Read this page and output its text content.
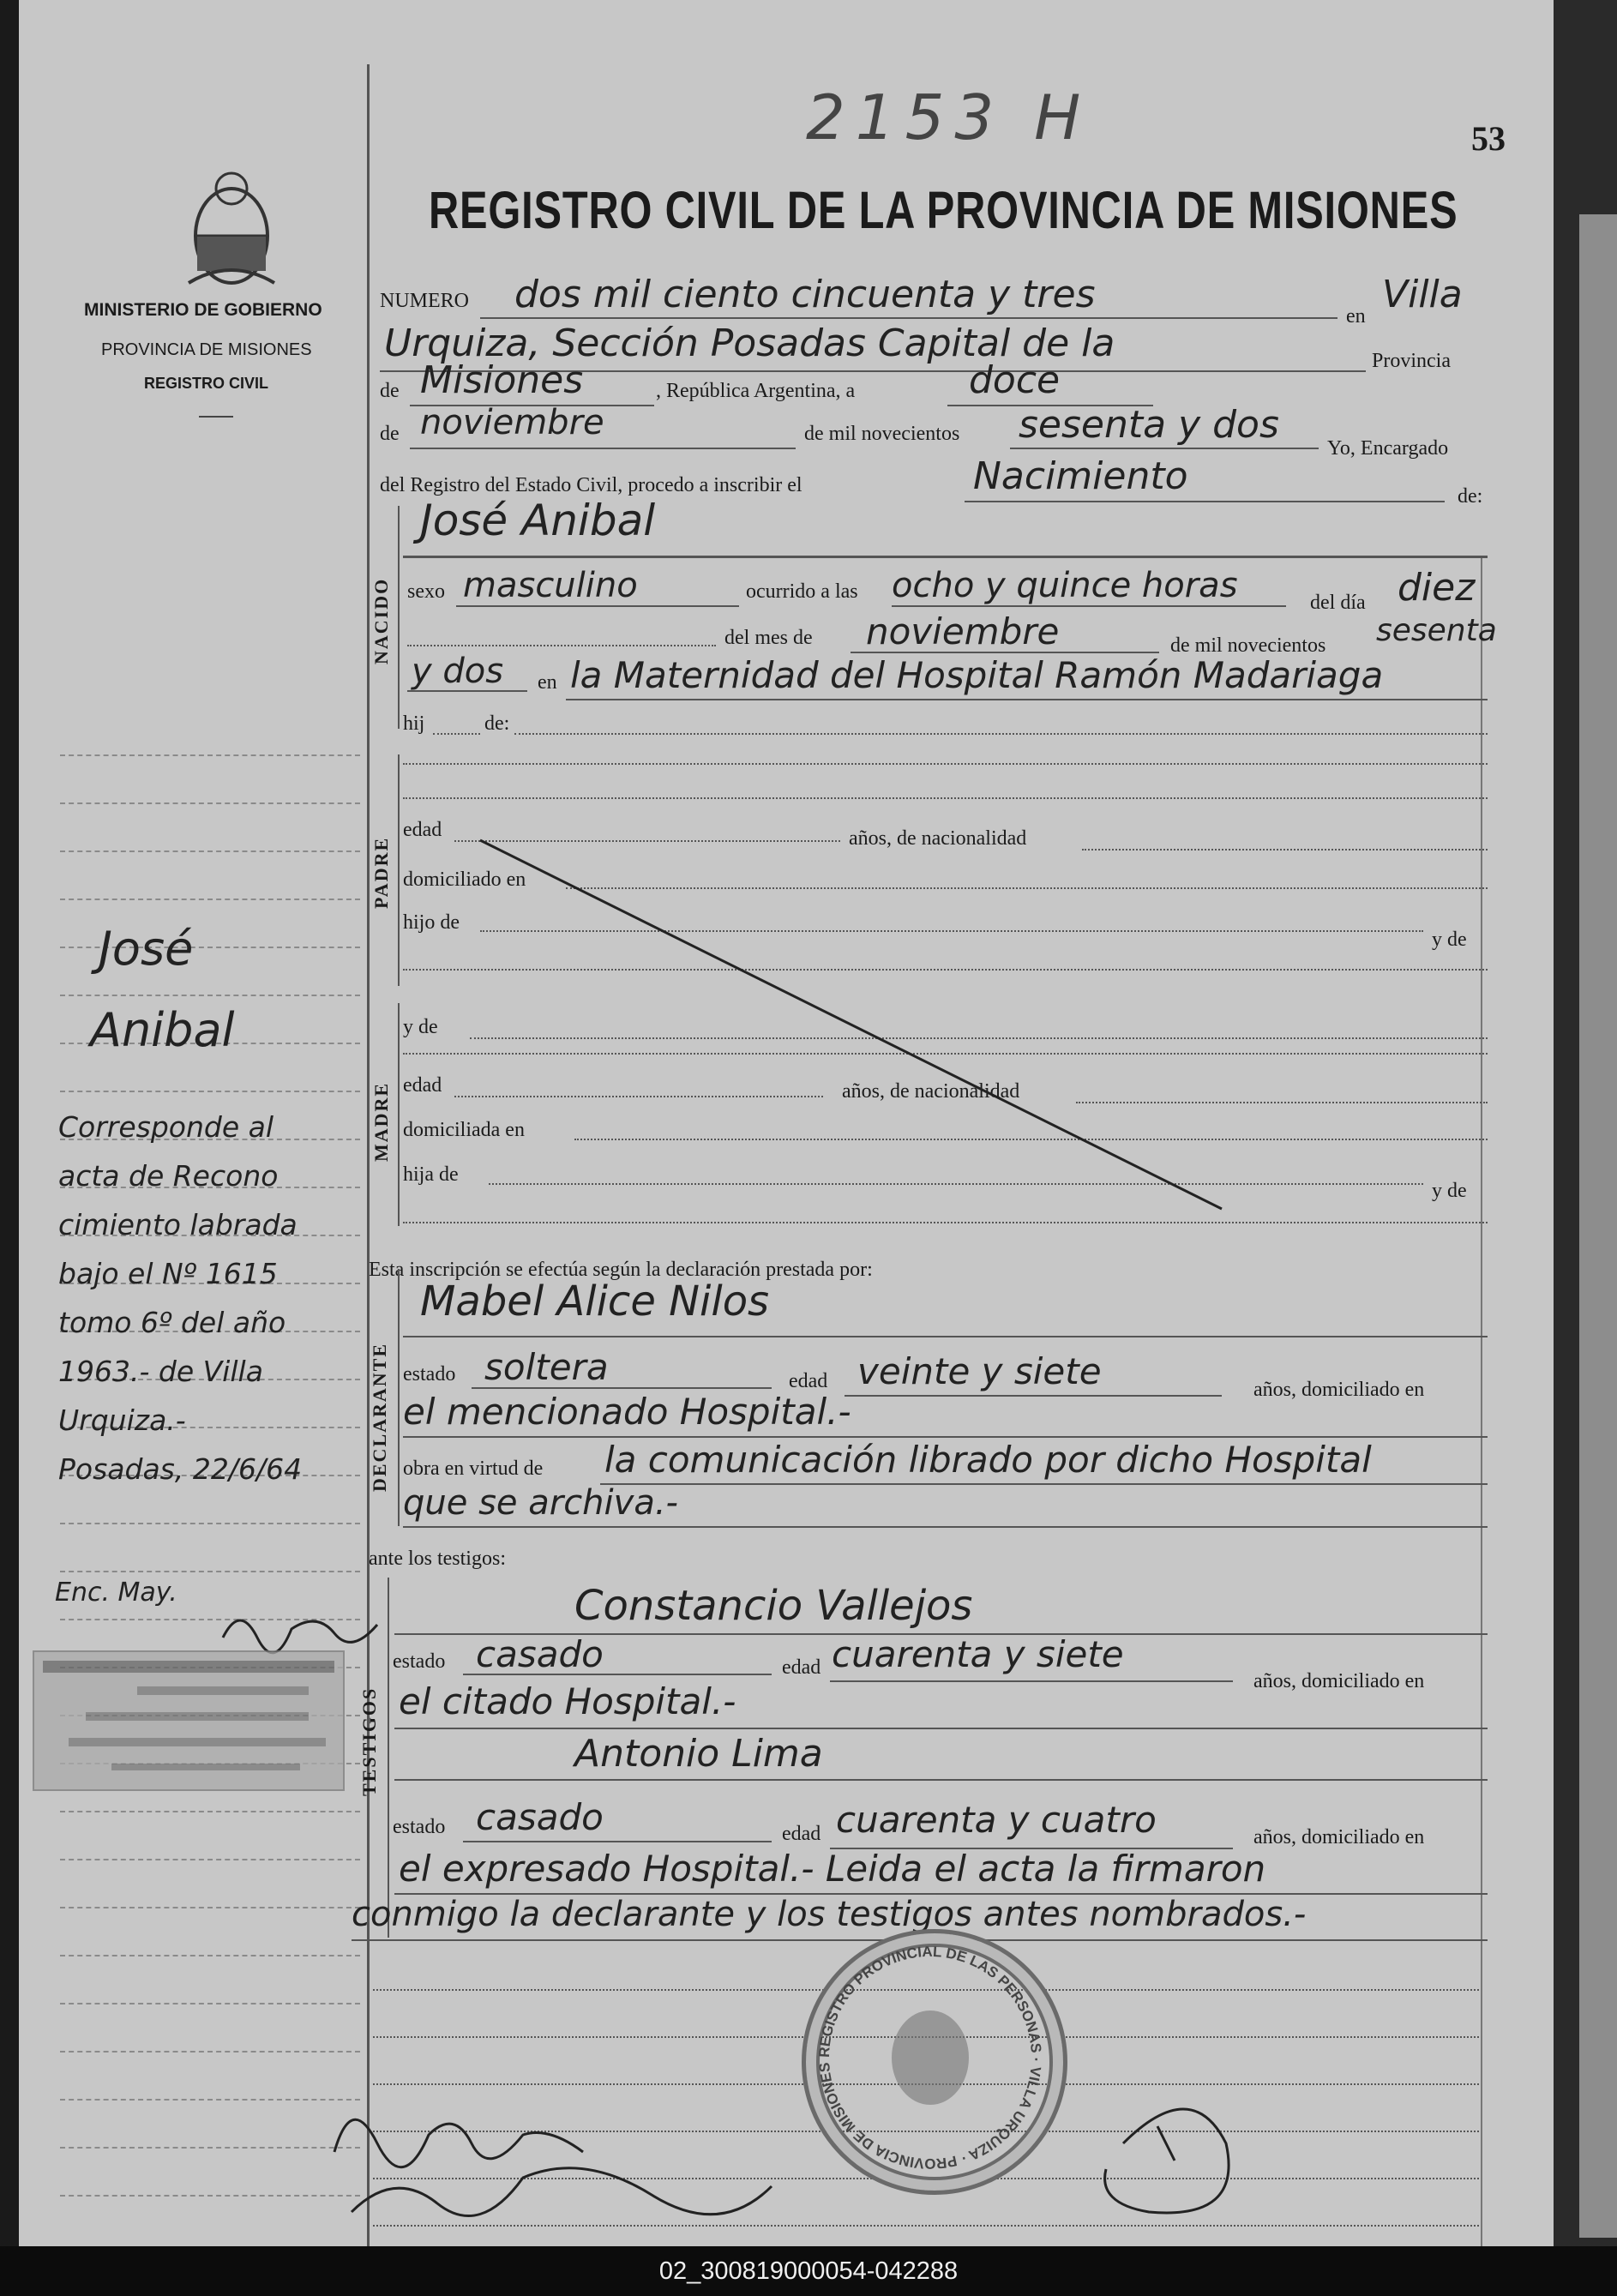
MINISTERIO DE GOBIERNO
PROVINCIA DE MISIONES
REGISTRO CIVIL
2153 H	53
REGISTRO CIVIL DE LA PROVINCIA DE MISIONES
NUMERO dos mil ciento cincuenta y tres	en Villa
Urquiza, Sección Posadas Capital de la	Provincia
de Misiones	, República Argentina, a	doce
de noviembre	de mil novecientos sesenta y dos
Yo, Encargado
del Registro del Estado Civil, procedo a inscribir el	Nacimiento	de:
NACIDO
José Anibal
sexo masculino	ocurrido a las ocho y quince horas	del día diez
del mes de noviembre	de mil novecientos sesenta
y dos en la Maternidad del Hospital Ramón Madariaga
hij	de:
PADRE
edad	años, de nacionalidad
domiciliado en
hijo de
y de
MADRE
y de
edad	años, de nacionalidad
domiciliada en
hija de
y de
Esta inscripción se efectúa según la declaración prestada por:
DECLARANTE
Mabel Alice Nilos
estado soltera	edad veinte y siete	años, domiciliado en
el mencionado Hospital.-
obra en virtud de la comunicación librado por dicho Hospital
que se archiva.-
ante los testigos:
TESTIGOS
Constancio Vallejos
estado casado	edad cuarenta y siete
años, domiciliado en
el citado Hospital.-
Antonio Lima
estado casado	edad cuarenta y cuatro	años, domiciliado en
el expresado Hospital.- Leida el acta la firmaron
conmigo la declarante y los testigos antes nombrados.-
REGISTRO PROVINCIAL DE LAS PERSONAS · VILLA URQUIZA · PROVINCIA DE MISIONES
José
Anibal
Corresponde al
acta de Recono
cimiento labrada
bajo el Nº 1615
tomo 6º del año
1963.- de Villa
Urquiza.-
Posadas, 22/6/64
Enc. May.
02_300819000054-042288
